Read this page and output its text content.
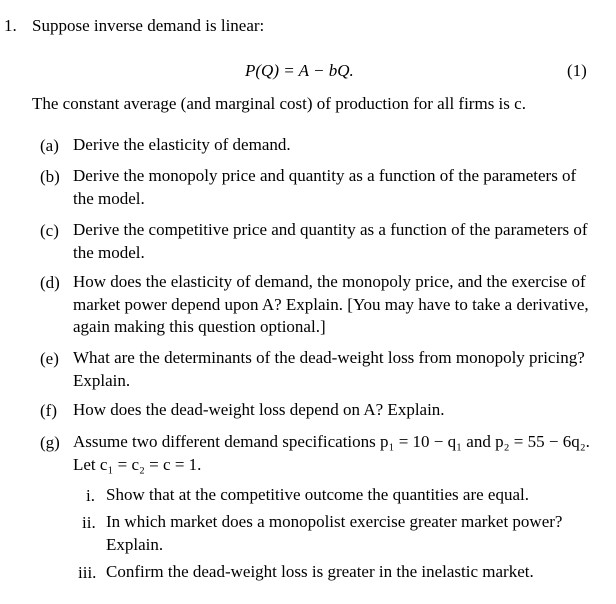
1. Suppose inverse demand is linear:
P(Q) = A − bQ.	(1)
The constant average (and marginal cost) of production for all firms is c.
(a) Derive the elasticity of demand.
(b) Derive the monopoly price and quantity as a function of the parameters of the model.
(c) Derive the competitive price and quantity as a function of the parameters of the model.
(d) How does the elasticity of demand, the monopoly price, and the exercise of market power depend upon A? Explain. [You may have to take a derivative, again making this question optional.]
(e) What are the determinants of the dead-weight loss from monopoly pricing? Explain.
(f) How does the dead-weight loss depend on A? Explain.
(g) Assume two different demand specifications p₁ = 10 − q₁ and p₂ = 55 − 6q₂. Let c₁ = c₂ = c = 1.
i. Show that at the competitive outcome the quantities are equal.
ii. In which market does a monopolist exercise greater market power? Explain.
iii. Confirm the dead-weight loss is greater in the inelastic market.
